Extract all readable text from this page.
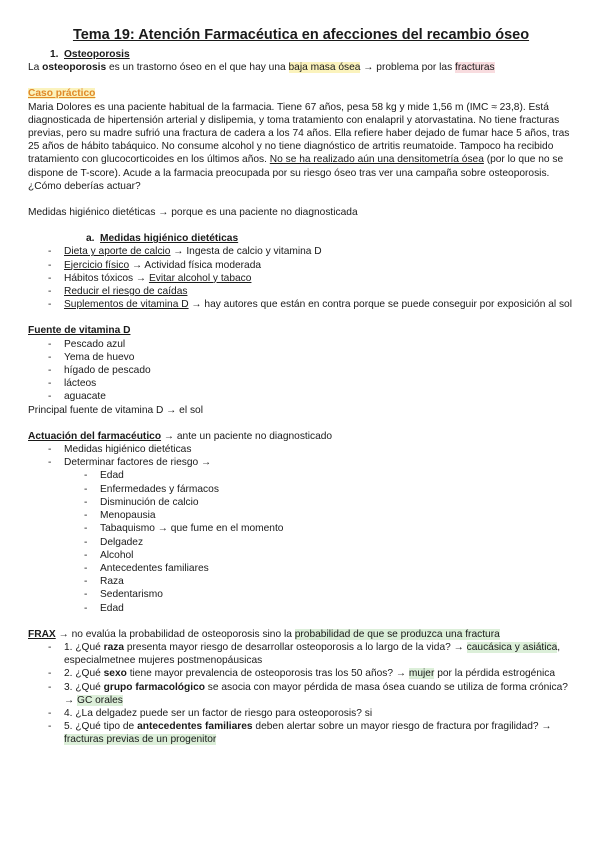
Tema 19: Atención Farmacéutica en afecciones del recambio óseo
1. Osteoporosis

La osteoporosis es un trastorno óseo en el que hay una baja masa ósea → problema por las fracturas

Caso práctico

Maria Dolores es una paciente habitual de la farmacia. Tiene 67 años, pesa 58 kg y mide 1,56 m (IMC ≈ 23,8). Está diagnosticada de hipertensión arterial y dislipemia, y toma tratamiento con enalapril y atorvastatina. No tiene fracturas previas, pero su madre sufrió una fractura de cadera a los 74 años. Ella refiere haber dejado de fumar hace 5 años, tras 25 años de hábito tabáquico. No consume alcohol y no tiene diagnóstico de artritis reumatoide. Tampoco ha recibido tratamiento con glucocorticoides en los últimos años. No se ha realizado aún una densitometría ósea (por lo que no se dispone de T-score). Acude a la farmacia preocupada por su riesgo óseo tras ver una campaña sobre osteoporosis. ¿Cómo deberías actuar?

Medidas higiénico dietéticas → porque es una paciente no diagnosticada

a. Medidas higiénico dietéticas
- Dieta y aporte de calcio → Ingesta de calcio y vitamina D
- Ejercicio físico → Actividad física moderada
- Hábitos tóxicos → Evitar alcohol y tabaco
- Reducir el riesgo de caídas
- Suplementos de vitamina D → hay autores que están en contra porque se puede conseguir por exposición al sol

Fuente de vitamina D

- Pescado azul
- Yema de huevo
- hígado de pescado
- lácteos
- aguacate

Principal fuente de vitamina D → el sol

Actuación del farmacéutico → ante un paciente no diagnosticado

- Medidas higiénico dietéticas
- Determinar factores de riesgo →
- Edad
- Enfermedades y fármacos
- Disminución de calcio
- Menopausia
- Tabaquismo → que fume en el momento
- Delgadez
- Alcohol
- Antecedentes familiares
- Raza
- Sedentarismo
- Edad

FRAX → no evalúa la probabilidad de osteoporosis sino la probabilidad de que se produzca una fractura

- 1. ¿Qué raza presenta mayor riesgo de desarrollar osteoporosis a lo largo de la vida? → caucásica y asiática, especialmetnee mujeres postmenopáusicas
- 2. ¿Qué sexo tiene mayor prevalencia de osteoporosis tras los 50 años? → mujer por la pérdida estrogénica
- 3. ¿Qué grupo farmacológico se asocia con mayor pérdida de masa ósea cuando se utiliza de forma crónica? → GC orales
- 4. ¿La delgadez puede ser un factor de riesgo para osteoporosis? si
- 5. ¿Qué tipo de antecedentes familiares deben alertar sobre un mayor riesgo de fractura por fragilidad? → fracturas previas de un progenitor
